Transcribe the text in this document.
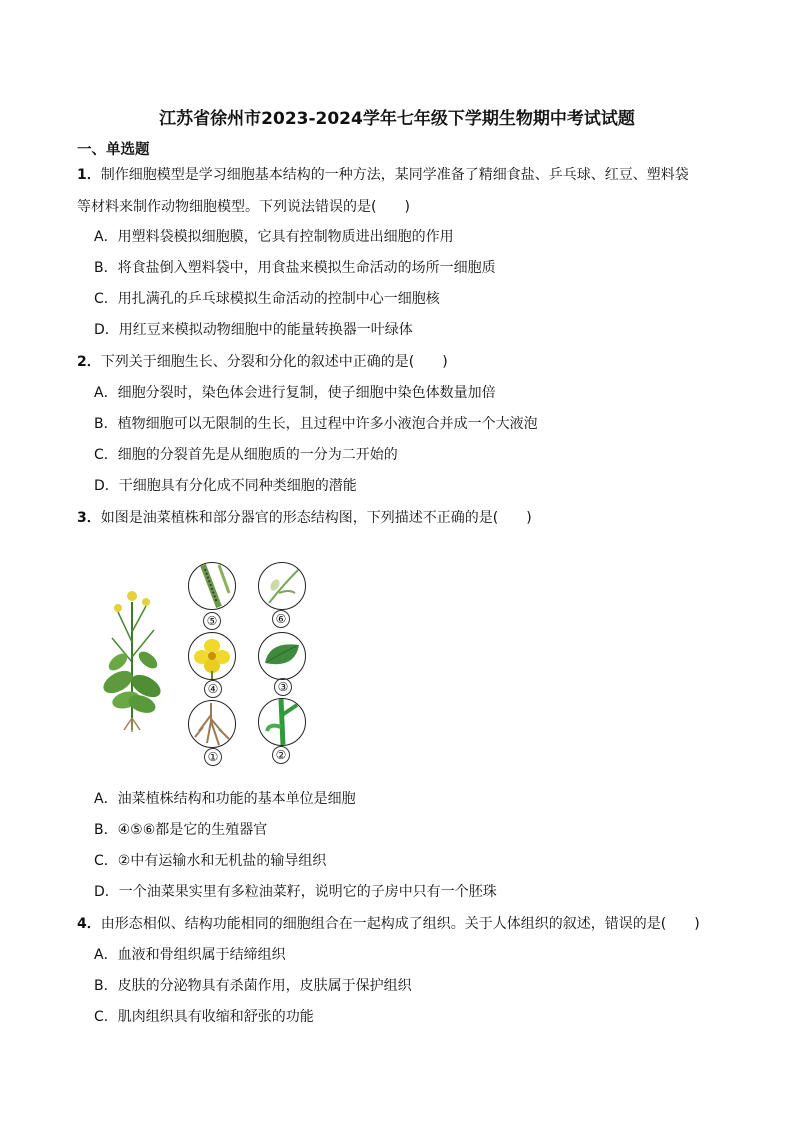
江苏省徐州市2023-2024学年七年级下学期生物期中考试试题
一、单选题
1．制作细胞模型是学习细胞基本结构的一种方法，某同学准备了精细食盐、乒乓球、红豆、塑料袋
等材料来制作动物细胞模型。下列说法错误的是(　　)
A．用塑料袋模拟细胞膜，它具有控制物质进出细胞的作用
B．将食盐倒入塑料袋中，用食盐来模拟生命活动的场所一细胞质
C．用扎满孔的乒乓球模拟生命活动的控制中心一细胞核
D．用红豆来模拟动物细胞中的能量转换器一叶绿体
2．下列关于细胞生长、分裂和分化的叙述中正确的是(　　)
A．细胞分裂时，染色体会进行复制，使子细胞中染色体数量加倍
B．植物细胞可以无限制的生长，且过程中许多小液泡合并成一个大液泡
C．细胞的分裂首先是从细胞质的一分为二开始的
D．干细胞具有分化成不同种类细胞的潜能
3．如图是油菜植株和部分器官的形态结构图，下列描述不正确的是(　　)
⑤	⑥
④	③
①	②
A．油菜植株结构和功能的基本单位是细胞
B．④⑤⑥都是它的生殖器官
C．②中有运输水和无机盐的输导组织
D．一个油菜果实里有多粒油菜籽，说明它的子房中只有一个胚珠
4．由形态相似、结构功能相同的细胞组合在一起构成了组织。关于人体组织的叙述，错误的是(　　)
A．血液和骨组织属于结缔组织
B．皮肤的分泌物具有杀菌作用，皮肤属于保护组织
C．肌肉组织具有收缩和舒张的功能
